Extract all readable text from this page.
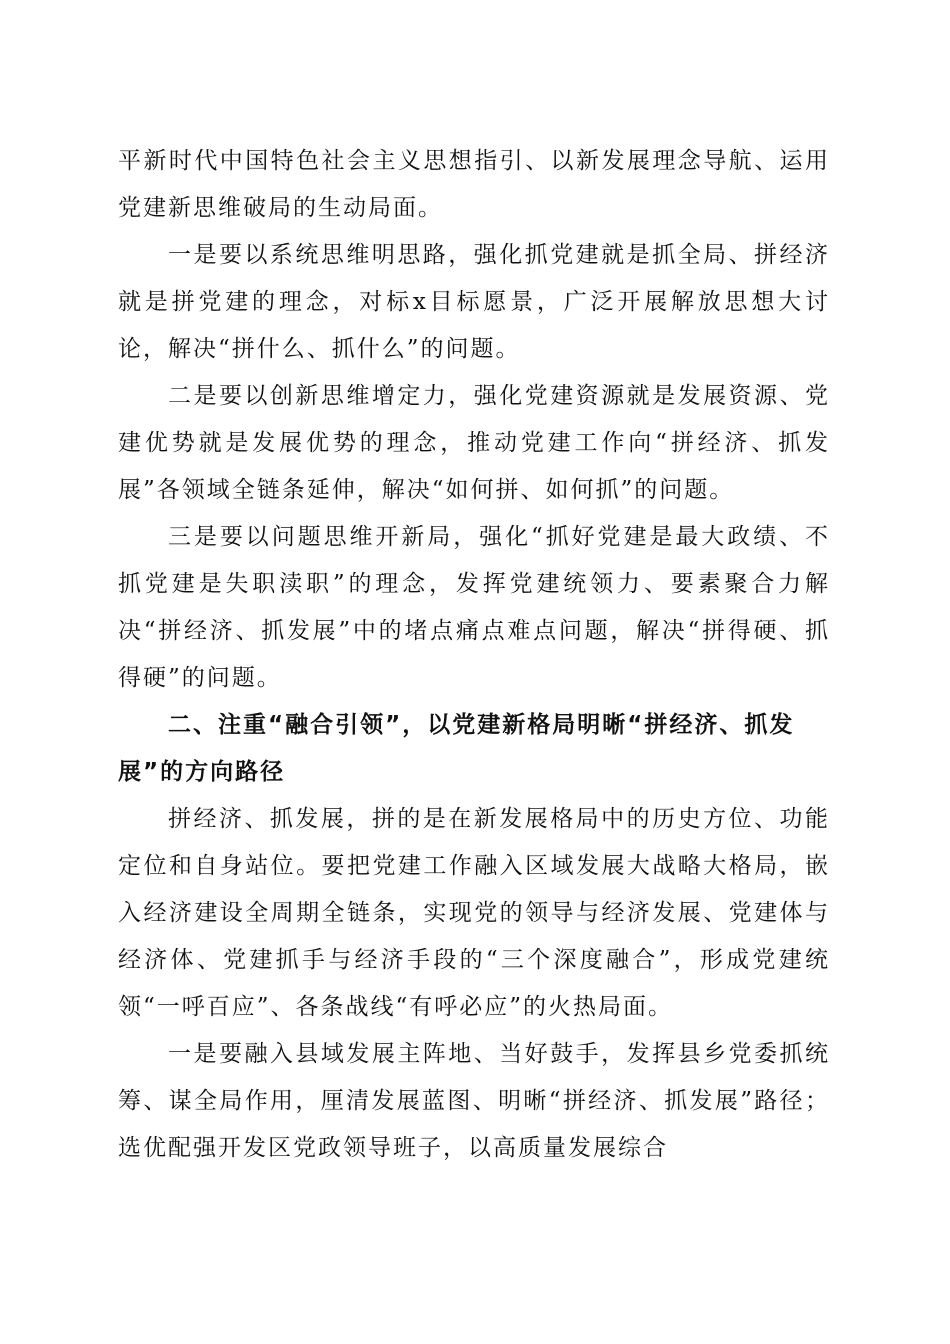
平新时代中国特色社会主义思想指引、以新发展理念导航、运用党建新思维破局的生动局面。

一是要以系统思维明思路，强化抓党建就是抓全局、拼经济就是拼党建的理念，对标x目标愿景，广泛开展解放思想大讨论，解决“拼什么、抓什么”的问题。

二是要以创新思维增定力，强化党建资源就是发展资源、党建优势就是发展优势的理念，推动党建工作向“拼经济、抓发展”各领域全链条延伸，解决“如何拼、如何抓”的问题。

三是要以问题思维开新局，强化“抓好党建是最大政绩、不抓党建是失职渎职”的理念，发挥党建统领力、要素聚合力解决“拼经济、抓发展”中的堵点痛点难点问题，解决“拼得硬、抓得硬”的问题。

二、注重“融合引领”，以党建新格局明晰“拼经济、抓发展”的方向路径

拼经济、抓发展，拼的是在新发展格局中的历史方位、功能定位和自身站位。要把党建工作融入区域发展大战略大格局，嵌入经济建设全周期全链条，实现党的领导与经济发展、党建体与经济体、党建抓手与经济手段的“三个深度融合”，形成党建统领“一呼百应”、各条战线“有呼必应”的火热局面。

一是要融入县域发展主阵地、当好鼓手，发挥县乡党委抓统筹、谋全局作用，厘清发展蓝图、明晰“拼经济、抓发展”路径；选优配强开发区党政领导班子，以高质量发展综合
